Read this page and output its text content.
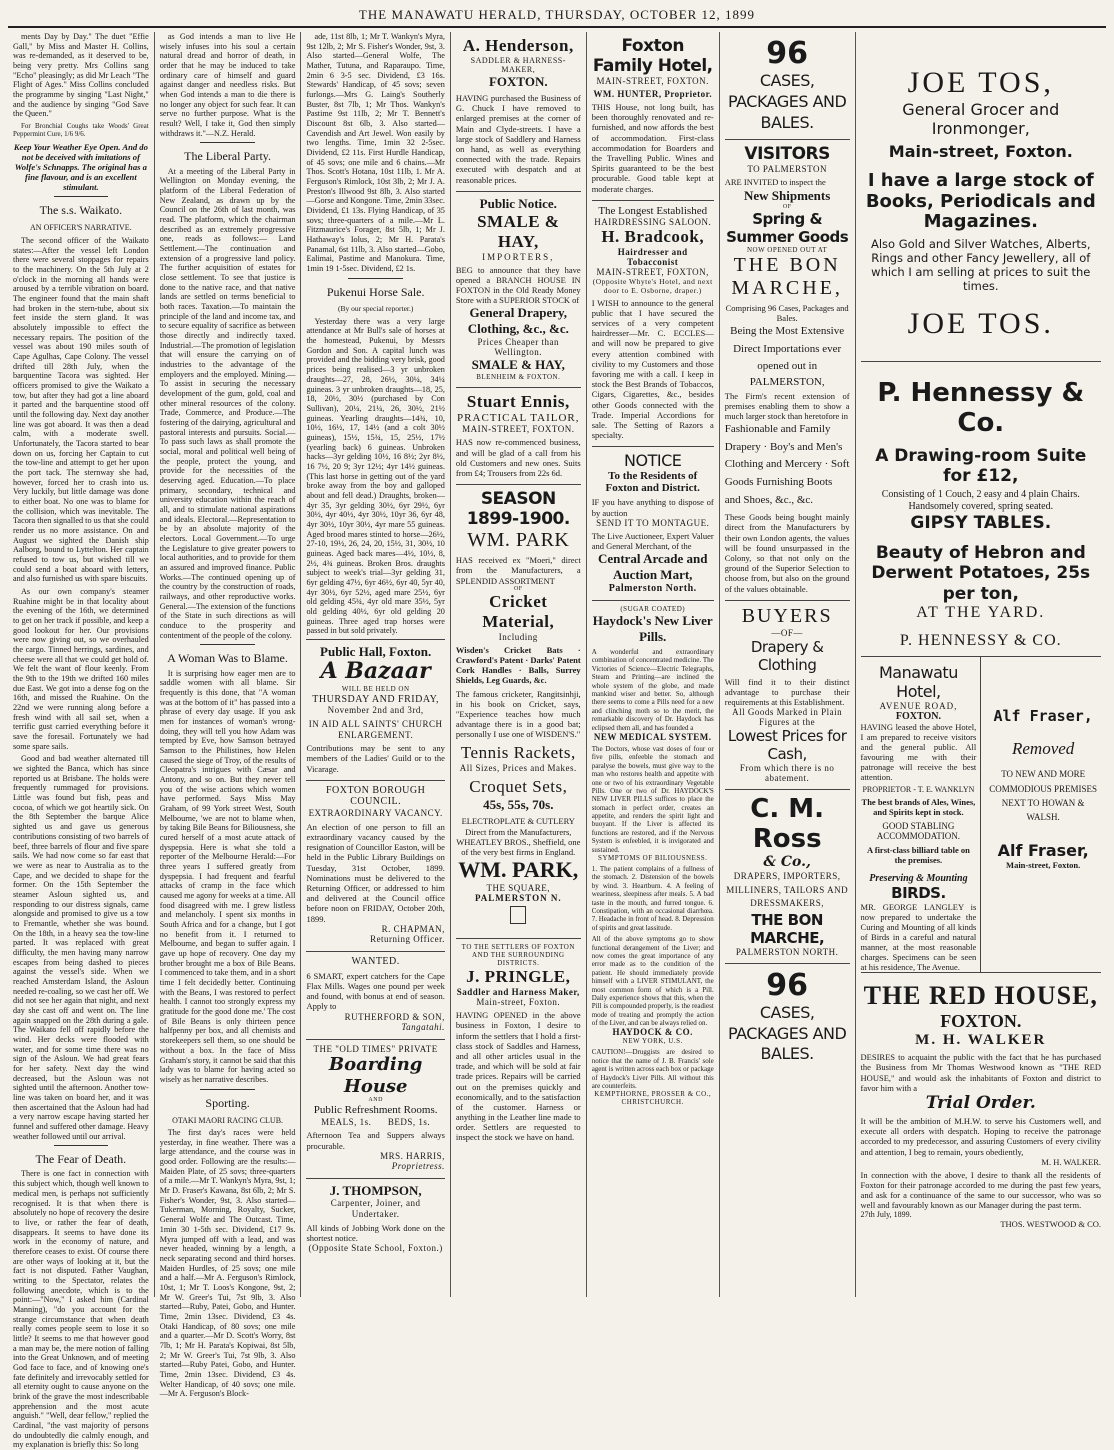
THE MANAWATU HERALD, THURSDAY, OCTOBER 12, 1899

ments Day by Day." The duet "Effie Gall," by Miss and Master H. Collins, was re-demanded, as it deserved to be, being very pretty. Mrs Collins sang "Echo" pleasingly; as did Mr Leach "The Flight of Ages." Miss Collins concluded the programme by singing "Last Night," and the audience by singing "God Save the Queen."

For Bronchial Coughs take Woods' Great Peppermint Cure, 1/6 9/6.

Keep Your Weather Eye Open. And do not be deceived with imitations of Wolfe's Schnapps. The original has a fine flavour, and is an excellent stimulant.

The s.s. Waikato.
AN OFFICER'S NARRATIVE.

The second officer of the Waikato states:—After the vessel left London there were several stoppages for repairs to the machinery. On the 5th July at 2 o'clock in the morning all hands were aroused by a terrible vibration on board. The engineer found that the main shaft had broken in the stern-tube, about six feet inside the stern gland. It was absolutely impossible to effect the necessary repairs. The position of the vessel was about 190 miles south of Cape Agulhas, Cape Colony. The vessel drifted till 28th July, when the barquentine Tacora was sighted. Her officers promised to give the Waikato a tow, but after they had got a line aboard it parted and the barquentine stood off until the following day. Next day another line was got aboard. It was then a dead calm, with a moderate swell. Unfortunately, the Tacora started to bear down on us, forcing her Captain to cut the tow-line and attempt to get her upon the port tack. The sternway she had, however, forced her to crash into us. Very luckily, but little damage was done to either boat. No one was to blame for the collision, which was inevitable. The Tacora then signalled to us that she could render us no more assistance. On and August we sighted the Danish ship Aalborg, bound to Lyttelton. Her captain refused to tow us, but wished till we could send a boat aboard with letters, and also furnished us with spare biscuits.

As our own company's steamer Ruahine might be in that locality about the evening of the 16th, we determined to get on her track if possible, and keep a good lookout for her. Our provisions were now giving out, so we overhauled the cargo. Tinned herrings, sardines, and cheese were all that we could get hold of. We felt the want of flour keenly. From the 9th to the 19th we drifted 160 miles due East. We got into a dense fog on the 16th, and missed the Ruahine. On the 22nd we were running along before a fresh wind with all sail set, when a terrific gust carried everything before it save the foresail. Fortunately we had some spare sails.

Good and bad weather alternated till we sighted the Banca, which has since reported us at Brisbane. The holds were frequently rummaged for provisions. Little was found but fish, peas and cocoa, of which we got heartily sick. On the 8th September the barque Alice sighted us and gave us generous contributions consisting of two barrels of beef, three barrels of flour and five spare sails. We had now come so far east that we were as near to Australia as to the Cape, and we decided to shape for the former. On the 15th September the steamer Asloun sighted us, and responding to our distress signals, came alongside and promised to give us a tow to Fremantle, whether she was bound. On the 18th, in a heavy sea the tow-line parted. It was replaced with great difficulty, the men having many narrow escapes from being dashed to pieces against the vessel's side. When we reached Amsterdam Island, the Asloun needed re-coaling, so we cast her off. We did not see her again that night, and next day she cast off and went on. The line again snapped on the 28th during a gale. The Waikato fell off rapidly before the wind. Her decks were flooded with water, and for some time there was no sign of the Asloun. We had great fears for her safety. Next day the wind decreased, but the Asloun was not sighted until the afternoon. Another tow-line was taken on board her, and it was then ascertained that the Asloun had had a very narrow escape having started her funnel and suffered other damage. Heavy weather followed until our arrival.

The Fear of Death.

There is one fact in connection with this subject which, though well known to medical men, is perhaps not sufficiently recognised. It is that when there is absolutely no hope of recovery the desire to live, or rather the fear of death, disappears. It seems to have done its work in the economy of nature, and therefore ceases to exist. Of course there are other ways of looking at it, but the fact is not disputed. Father Vaughan, writing to the Spectator, relates the following anecdote, which is to the point:—"Now," I asked him (Cardinal Manning), "do you account for the strange circumstance that when death really comes people seem to lose it so little? It seems to me that however good a man may be, the mere notion of falling into the Great Unknown, and of meeting God face to face, and of knowing one's fate definitely and irrevocably settled for all eternity ought to cause anyone on the brink of the grave the most indescribable apprehension and the most acute anguish." "Well, dear fellow," replied the Cardinal, "the vast majority of persons do undoubtedly die calmly enough, and my explanation is briefly this: So long

as God intends a man to live He wisely infuses into his soul a certain natural dread and horror of death, in order that he may be induced to take ordinary care of himself and guard against danger and needless risks. But when God intends a man to die there is no longer any object for such fear. It can serve no further purpose. What is the result? Well, I take it, God then simply withdraws it."—N.Z. Herald.

The Liberal Party.

At a meeting of the Liberal Party in Wellington on Monday evening, the platform of the Liberal Federation of New Zealand, as drawn up by the Council on the 26th of last month, was read. The platform, which the chairman described as an extremely progressive one, reads as follows:— Land Settlement.—The continuation and extension of a progressive land policy. The further acquisition of estates for close settlement. To see that justice is done to the native race, and that native lands are settled on terms beneficial to both races. Taxation.—To maintain the principle of the land and income tax, and to secure equality of sacrifice as between those directly and indirectly taxed. Industrial.—The promotion of legislation that will ensure the carrying on of industries to the advantage of the employers and the employed. Mining.—To assist in securing the necessary development of the gum, gold, coal and other mineral resources of the colony. Trade, Commerce, and Produce.—The fostering of the dairying, agricultural and pastoral interests and pursuits. Social.—To pass such laws as shall promote the social, moral and political well being of the people, protect the young, and provide for the necessities of the deserving aged. Education.—To place primary, secondary, technical and university education within the reach of all, and to stimulate national aspirations and ideals. Electoral.—Representation to be by an absolute majority of the electors. Local Government.—To urge the Legislature to give greater powers to local authorities, and to provide for them an assured and improved finance. Public Works.—The continued opening up of the country by the construction of roads, railways, and other reproductive works. General.—The extension of the functions of the State in such directions as will conduce to the prosperity and contentment of the people of the colony.

A Woman Was to Blame.

It is surprising how eager men are to saddle women with all blame. Sir frequently is this done, that "A woman was at the bottom of it" has passed into a phrase of every day usage. If you ask men for instances of woman's wrong-doing, they will tell you how Adam was tempted by Eve, how Samson betrayed Samson to the Philistines, how Helen caused the siege of Troy, of the results of Cleopatra's intrigues with Cæsar and Antony, and so on. But they never tell you of the wise actions which women have performed. Says Miss May Graham, of 99 York street West, South Melbourne, 'we are not to blame when, by taking Bile Beans for Biliousness, she cured herself of a most acute attack of dyspepsia. Here is what she told a reporter of the Melbourne Herald:—For three years I suffered greatly from dyspepsia. I had frequent and fearful attacks of cramp in the face which caused me agony for weeks at a time. All food disagreed with me. I grew listless and melancholy. I spent six months in South Africa and for a change, but I got no benefit from it. I returned to Melbourne, and began to suffer again. I gave up hope of recovery. One day my brother brought me a box of Bile Beans. I commenced to take them, and in a short time I felt decidedly better. Continuing with the Beans, I was restored to perfect health. I cannot too strongly express my gratitude for the good done me.' The cost of Bile Beans is only thirteen pence halfpenny per box, and all chemists and storekeepers sell them, so one should be without a box. In the face of Miss Graham's story, it cannot be said that this lady was to blame for having acted so wisely as her narrative describes.

Sporting.
OTAKI MAORI RACING CLUB.

The first day's races were held yesterday, in fine weather. There was a large attendance, and the course was in good order. Following are the results:— Maiden Plate, of 25 sovs; three-quarters of a mile.—Mr T. Wankyn's Myra, 9st, 1; Mr D. Fraser's Kawana, 8st 6lb, 2; Mr S. Fisher's Wonder, 9st, 3. Also started—Tukerman, Morning, Royalty, Sucker, General Wolfe and The Outcast. Time, 1min 30 1-5th sec. Dividend, £17 9s. Myra jumped off with a lead, and was never headed, winning by a length, a neck separating second and third horses. Maiden Hurdles, of 25 sovs; one mile and a half.—Mr A. Ferguson's Rimlock, 10st, 1; Mr T. Loos's Kongone, 9st, 2; Mr W. Greer's Tui, 7st 9lb, 3. Also started—Ruby, Patei, Gobo, and Hunter. Time, 2min 13sec. Dividend, £3 4s. Otaki Handicap, of 80 sovs; one mile and a quarter.—Mr D. Scott's Worry, 8st 7lb, 1; Mr H. Parata's Kopiwai, 8st 5lb, 2; Mr W. Greer's Tui, 7st 9lb, 3. Also started—Ruby Patei, Gobo, and Hunter. Time, 2min 13sec. Dividend, £3 4s. Welter Handicap, of 40 sovs; one mile.—Mr A. Ferguson's Block-

ade, 11st 8lb, 1; Mr T. Wankyn's Myra, 9st 12lb, 2; Mr S. Fisher's Wonder, 9st, 3. Also started—General Wolfe, The Mather, Tutuna, and Raparaupo. Time, 2min 6 3-5 sec. Dividend, £3 16s. Stewards' Handicap, of 45 sovs; seven furlongs.—Mrs G. Laing's Southerly Buster, 8st 7lb, 1; Mr Thos. Wankyn's Pastime 9st 11lb, 2; Mr T. Bennett's Discount 8st 6lb, 3. Also started—Cavendish and Art Jewel. Won easily by two lengths. Time, 1min 32 2-5sec. Dividend, £2 11s. First Hurdle Handicap, of 45 sovs; one mile and 6 chains.—Mr Thos. Scott's Hotana, 10st 11lb, 1. Mr A. Ferguson's Rimlock, 10st 3lb, 2; Mr J. A. Preston's Illwood 9st 8lb, 3. Also started—Gorse and Kongone. Time, 2min 33sec. Dividend, £1 13s. Flying Handicap, of 35 sovs; three-quarters of a mile.—Mr L. Fitzmaurice's Forager, 8st 5lb, 1; Mr J. Hathaway's Iolus, 2; Mr H. Parata's Panamal, 6st 11lb, 3. Also started—Gobo, Ealimai, Pastime and Manokura. Time, 1min 19 1-5sec. Dividend, £2 1s.

Pukenui Horse Sale.
(By our special reporter.)

Yesterday there was a very large attendance at Mr Bull's sale of horses at the homestead, Pukenui, by Messrs Gordon and Son. A capital lunch was provided and the bidding very brisk, good prices being realised—3 yr unbroken draughts—27, 28, 26½, 30¼, 34¼ guineas. 3 yr unbroken draughts—18, 25, 18, 20½, 30½ (purchased by Con Sullivan), 20¼, 21¼, 26, 30½, 21½ guineas. Yearling draughts—14¾, 10, 10½, 16½, 17, 14½ (and a colt 30½ guineas), 15½, 15¾, 15, 25½, 17½ (yearling back) 6 guineas. Unbroken hacks—3yr gelding 10½, 16 8½; 2yr 8½, 16 7½, 20 9; 3yr 12½; 4yr 14½ guineas. (This last horse in getting out of the yard broke away from the boy and galloped about and fell dead.) Draughts, broken—4yr 35, 3yr gelding 30½, 6yr 29½, 6yr 30½, 4yr 40½, 4yr 30½, 10yr 36, 6yr 48, 4yr 30½, 10yr 30½, 4yr mare 55 guineas. Aged brood mares stinted to horse—26½, 27-10, 19½, 26, 24, 20, 15½, 31, 30½, 10 guineas. Aged back mares—4½, 10½, 8, 2½, 4¾ guineas. Broken Bros. draughts subject to week's trial—3yr gelding 31, 6yr gelding 47½, 6yr 46½, 6yr 40, 5yr 40, 4yr 30½, 6yr 52½, aged mare 25½, 6yr old gelding 45¾, 4yr old mare 35½, 5yr old gelding 40½, 6yr old gelding 20 guineas. Three aged trap horses were passed in but sold privately.

Public Hall, Foxton.
A Bazaar
WILL BE HELD ON
THURSDAY AND FRIDAY,
November 2nd and 3rd,
IN AID ALL SAINTS' CHURCH ENLARGEMENT.
Contributions may be sent to any members of the Ladies' Guild or to the Vicarage.
FOXTON BOROUGH COUNCIL.
EXTRAORDINARY VACANCY.
An election of one person to fill an extraordinary vacancy caused by the resignation of Councillor Easton, will be held in the Public Library Buildings on Tuesday, 31st October, 1899. Nominations must be delivered to the Returning Officer, or addressed to him and delivered at the Council office before noon on FRIDAY, October 20th, 1899.
R. CHAPMAN,
Returning Officer.
WANTED.
6 SMART, expert catchers for the Cape Flax Mills. Wages one pound per week and found, with bonus at end of season. Apply to
RUTHERFORD & SON,
Tangatahi.
THE "OLD TIMES" PRIVATE
Boarding House
AND
Public Refreshment Rooms.
MEALS, 1s.      BEDS, 1s.
Afternoon Tea and Suppers always procurable.
MRS. HARRIS,
Proprietress.
J. THOMPSON,
Carpenter, Joiner, and Undertaker.
All kinds of Jobbing Work done on the shortest notice.
(Opposite State School, Foxton.)
A. Henderson,
SADDLER & HARNESS-MAKER,
FOXTON.
HAVING purchased the Business of G. Chuck I have removed to enlarged premises at the corner of Main and Clyde-streets. I have a large stock of Saddlery and Harness on hand, as well as everything connected with the trade. Repairs executed with despatch and at reasonable prices.
Public Notice.
SMALE & HAY,
IMPORTERS,
BEG to announce that they have opened a BRANCH HOUSE IN FOXTON in the Old Ready Money Store with a SUPERIOR STOCK of
General Drapery, Clothing, &c., &c.
Prices Cheaper than Wellington.
SMALE & HAY,
BLENHEIM & FOXTON.
Stuart Ennis,
PRACTICAL TAILOR,
MAIN-STREET, FOXTON.
HAS now re-commenced business, and will be glad of a call from his old Customers and new ones. Suits from £4; Trousers from 22s 6d.
SEASON 1899-1900.
WM. PARK
HAS received ex "Moeri," direct from the Manufacturers, a SPLENDID ASSORTMENT
OF
Cricket Material,
Including
Wisden's Cricket Bats · Crawford's Patent · Darks' Patent Cork Handles · Balls, Surrey Shields, Leg Guards, &c.
The famous cricketer, Rangitsinhji, in his book on Cricket, says, "Experience teaches how much advantage there is in a good bat; personally I use one of WISDEN'S."
Tennis Rackets,
All Sizes, Prices and Makes.
Croquet Sets,
45s, 55s, 70s.
ELECTROPLATE & CUTLERY Direct from the Manufacturers, WHEATLEY BROS., Sheffield, one of the very best firms in England.
WM. PARK,
THE SQUARE,
PALMERSTON N.
TO THE SETTLERS OF FOXTON AND THE SURROUNDING DISTRICTS.
J. PRINGLE,
Saddler and Harness Maker,
Main-street, Foxton.
HAVING OPENED in the above business in Foxton, I desire to inform the settlers that I hold a first-class stock of Saddles and Harness, and all other articles usual in the trade, and which will be sold at fair trade prices. Repairs will be carried out on the premises quickly and economically, and to the satisfaction of the customer. Harness or anything in the Leather line made to order. Settlers are requested to inspect the stock we have on hand.
Foxton Family Hotel,
MAIN-STREET, FOXTON.
WM. HUNTER, Proprietor.
THIS House, not long built, has been thoroughly renovated and re-furnished, and now affords the best of accommodation. First-class accommodation for Boarders and the Travelling Public. Wines and Spirits guaranteed to be the best procurable. Good table kept at moderate charges.
The Longest Established
HAIRDRESSING SALOON.
H. Bradcook,
Hairdresser and Tobacconist
MAIN-STREET, FOXTON,
(Opposite Whyte's Hotel, and next door to E. Osborne, draper.)
I WISH to announce to the general public that I have secured the services of a very competent hairdresser—Mr. C. ECCLES—and will now be prepared to give every attention combined with civility to my Customers and those favoring me with a call. I keep in stock the Best Brands of Tobaccos, Cigars, Cigarettes, &c., besides other Goods connected with the Trade. Imperial Accordions for sale. The Setting of Razors a specialty.
NOTICE
To the Residents of Foxton and District.
IF you have anything to dispose of by auction
SEND IT TO MONTAGUE.
The Live Auctioneer, Expert Valuer and General Merchant, of the
Central Arcade and Auction Mart,
Palmerston North.
(SUGAR COATED)
Haydock's New Liver Pills.
A wonderful and extraordinary combination of concentrated medicine. The Victories of Science—Electric Telegraphs, Steam and Printing—are inclined the whole system of the globe, and made mankind wiser and better. So, although there seems to come a Pills need for a new and clinching moth so to the merit, the remarkable discovery of Dr. Haydock has eclipsed them all, and has founded a
NEW MEDICAL SYSTEM.
The Doctors, whose vast doses of four or five pills, enfeeble the stomach and paralyse the bowels, must give way to the man who restores health and appetite with one or two of his extraordinary Vegetable Pills. One or two of Dr. HAYDOCK'S NEW LIVER PILLS suffices to place the stomach in perfect order, creates an appetite, and renders the spirit light and buoyant. If the Liver is affected its functions are restored, and if the Nervous System is enfeebled, it is invigorated and sustained.
SYMPTOMS OF BILIOUSNESS.
1. The patient complains of a fullness of the stomach. 2. Distension of the bowels by wind. 3. Heartburn. 4. A feeling of weariness, sleepiness after meals. 5. A bad taste in the mouth, and furred tongue. 6. Constipation, with an occasional diarrhœa. 7. Headache in front of head. 8. Depression of spirits and great lassitude.
All of the above symptoms go to show functional derangement of the Liver; and now comes the great importance of any error made as to the condition of the patient. He should immediately provide himself with a LIVER STIMULANT, the most common form of which is a Pill. Daily experience shows that this, when the Pill is compounded properly, is the readiest mode of treating and promptly the action of the Liver, and can be always relied on.
HAYDOCK & CO.
NEW YORK, U.S.
CAUTION!—Druggists are desired to notice that the name of J. B. Francis' sole agent is written across each box or package of Haydock's Liver Pills. All without this are counterfeits.
KEMPTHORNE, PROSSER & CO., CHRISTCHURCH.
96
CASES, PACKAGES AND BALES.
VISITORS
TO PALMERSTON
ARE INVITED to inspect the
New Shipments
OF
Spring & Summer Goods
NOW OPENED OUT AT
THE BON MARCHE,
Comprising 96 Cases, Packages and Bales.
Being the Most Extensive Direct Importations ever opened out in
PALMERSTON,
The Firm's recent extension of premises enabling them to show a much larger stock than heretofore in
Fashionable and Family Drapery · Boy's and Men's Clothing and Mercery · Soft Goods Furnishing Boots and Shoes, &c., &c.
These Goods being bought mainly direct from the Manufacturers by their own London agents, the values will be found unsurpassed in the Colony, so that not only on the ground of the Superior Selection to choose from, but also on the ground of the values obtainable.
BUYERS
—OF—
Drapery & Clothing
Will find it to their distinct advantage to purchase their requirements at this Establishment.
All Goods Marked in Plain Figures at the
Lowest Prices for Cash,
From which there is no abatement.
C. M. Ross
& Co.,
DRAPERS, IMPORTERS, MILLINERS, TAILORS AND DRESSMAKERS,
THE BON MARCHE,
PALMERSTON NORTH.
96
CASES, PACKAGES AND BALES.
JOE TOS,
General Grocer and Ironmonger,
Main-street, Foxton.
I have a large stock of Books, Periodicals and Magazines.
Also Gold and Silver Watches, Alberts, Rings and other Fancy Jewellery, all of which I am selling at prices to suit the times.
JOE TOS.
P. Hennessy & Co.
A Drawing-room Suite for £12,
Consisting of 1 Couch, 2 easy and 4 plain Chairs. Handsomely covered, spring seated.
GIPSY TABLES.
Beauty of Hebron and Derwent Potatoes, 25s per ton,
AT THE YARD.
P. HENNESSY & CO.
Manawatu Hotel,
AVENUE ROAD,
FOXTON.
HAVING leased the above Hotel, I am prepared to receive visitors and the general public. All favouring me with their patronage will receive the best attention.
PROPRIETOR - T. E. WANKLYN
The best brands of Ales, Wines, and Spirits kept in stock.
GOOD STABLING ACCOMMODATION.
A first-class billiard table on the premises.
Preserving & Mounting
BIRDS.
MR. GEORGE LANGLEY is now prepared to undertake the Curing and Mounting of all kinds of Birds in a careful and natural manner, at the most reasonable charges. Specimens can be seen at his residence, The Avenue.
Alf Fraser,
Removed
TO NEW AND MORE COMMODIOUS PREMISES NEXT TO HOWAN & WALSH.
Alf Fraser,
Main-street, Foxton.
THE RED HOUSE,
FOXTON.
M. H. WALKER
DESIRES to acquaint the public with the fact that he has purchased the Business from Mr Thomas Westwood known as "THE RED HOUSE," and would ask the inhabitants of Foxton and district to favor him with a
Trial Order.
It will be the ambition of M.H.W. to serve his Customers well, and execute all orders with despatch. Hoping to receive the patronage accorded to my predecessor, and assuring Customers of every civility and attention, I beg to remain, yours obediently,
M. H. WALKER.
In connection with the above, I desire to thank all the residents of Foxton for their patronage accorded to me during the past few years, and ask for a continuance of the same to our successor, who was so well and favourably known as our Manager during the past term.
27th July, 1899.
THOS. WESTWOOD & CO.
